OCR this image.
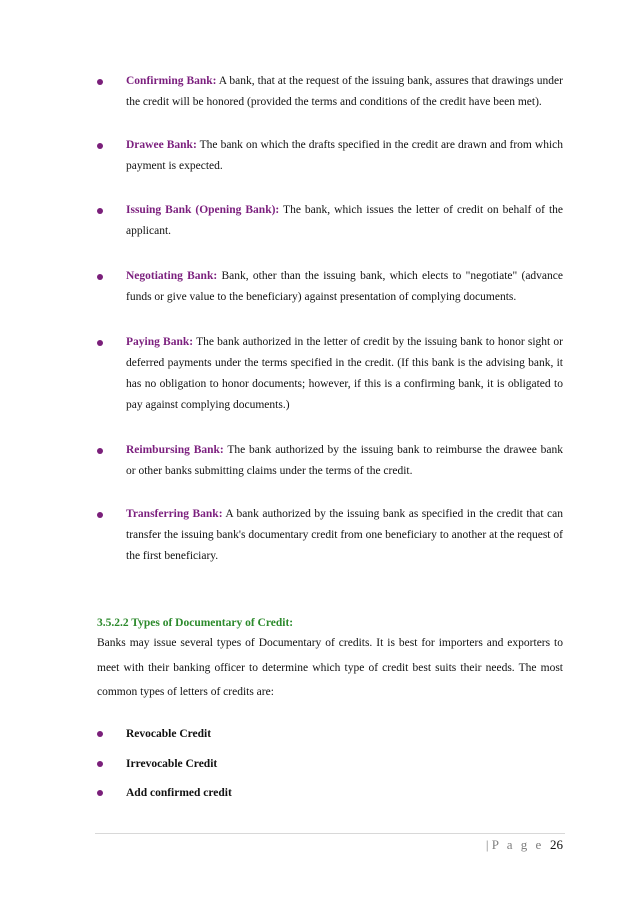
Confirming Bank: A bank, that at the request of the issuing bank, assures that drawings under the credit will be honored (provided the terms and conditions of the credit have been met).
Drawee Bank: The bank on which the drafts specified in the credit are drawn and from which payment is expected.
Issuing Bank (Opening Bank): The bank, which issues the letter of credit on behalf of the applicant.
Negotiating Bank: Bank, other than the issuing bank, which elects to "negotiate" (advance funds or give value to the beneficiary) against presentation of complying documents.
Paying Bank: The bank authorized in the letter of credit by the issuing bank to honor sight or deferred payments under the terms specified in the credit. (If this bank is the advising bank, it has no obligation to honor documents; however, if this is a confirming bank, it is obligated to pay against complying documents.)
Reimbursing Bank: The bank authorized by the issuing bank to reimburse the drawee bank or other banks submitting claims under the terms of the credit.
Transferring Bank: A bank authorized by the issuing bank as specified in the credit that can transfer the issuing bank's documentary credit from one beneficiary to another at the request of the first beneficiary.
3.5.2.2 Types of Documentary of Credit:

Banks may issue several types of Documentary of credits. It is best for importers and exporters to meet with their banking officer to determine which type of credit best suits their needs. The most common types of letters of credits are:

Revocable Credit
Irrevocable Credit
Add confirmed credit
| P a g e 26
